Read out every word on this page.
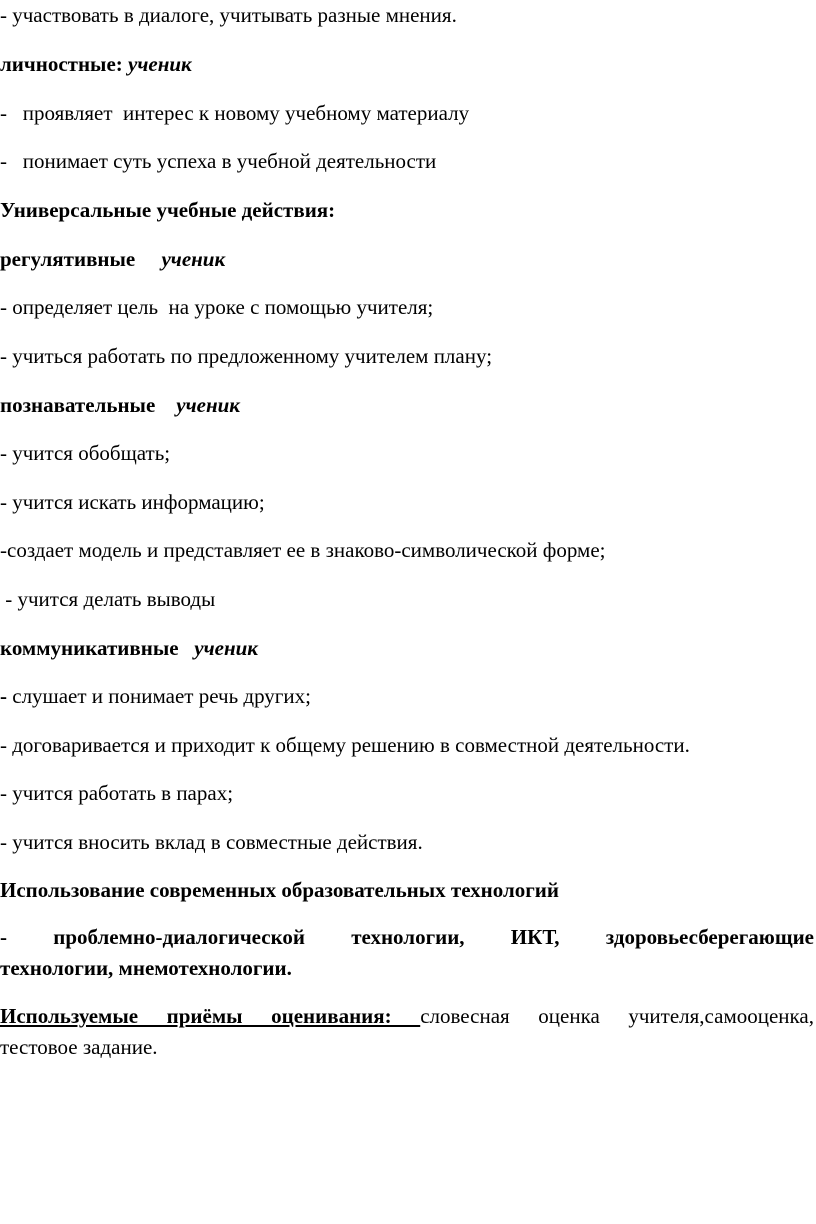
- участвовать в диалоге, учитывать разные мнения.
личностные: ученик
-   проявляет  интерес к новому учебному материалу
-   понимает суть успеха в учебной деятельности
Универсальные учебные действия:
регулятивные     ученик
- определяет цель  на уроке с помощью учителя;
- учиться работать по предложенному учителем плану;
познавательные    ученик
- учится обобщать;
- учится искать информацию;
-создает модель и представляет ее в знаково-символической форме;
- учится делать выводы
коммуникативные   ученик
- слушает и понимает речь других;
- договаривается и приходит к общему решению в совместной деятельности.
- учится работать в парах;
- учится вносить вклад в совместные действия.
Использование современных образовательных технологий
- проблемно-диалогической технологии, ИКТ, здоровьесберегающие
технологии, мнемотехнологии.
Используемые приёмы оценивания: словесная оценка учителя,самооценка,
тестовое задание.
